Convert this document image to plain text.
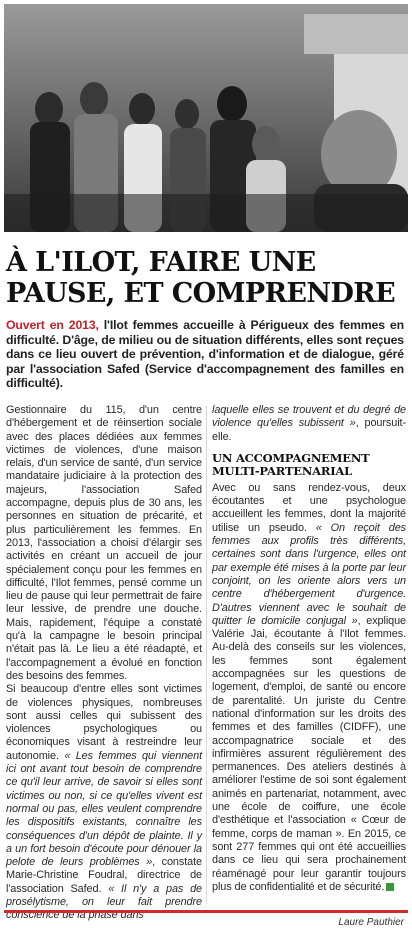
À L'ILOT, FAIRE UNE PAUSE, ET COMPRENDRE

Ouvert en 2013, l'Ilot femmes accueille à Périgueux des femmes en difficulté. D'âge, de milieu ou de situation différents, elles sont reçues dans ce lieu ouvert de prévention, d'information et de dialogue, géré par l'association Safed (Service d'accompagnement des familles en difficulté).

Gestionnaire du 115, d'un centre d'hébergement et de réinsertion sociale avec des places dédiées aux femmes victimes de violences, d'une maison relais, d'un service de santé, d'un service mandataire judiciaire à la protection des majeurs, l'association Safed accompagne, depuis plus de 30 ans, les personnes en situation de précarité, et plus particulièrement les femmes. En 2013, l'association a choisi d'élargir ses activités en créant un accueil de jour spécialement conçu pour les femmes en difficulté, l'Ilot femmes, pensé comme un lieu de pause qui leur permettrait de faire leur lessive, de prendre une douche. Mais, rapidement, l'équipe a constaté qu'à la campagne le besoin principal n'était pas là. Le lieu a été réadapté, et l'accompagnement a évolué en fonction des besoins des femmes.

Si beaucoup d'entre elles sont victimes de violences physiques, nombreuses sont aussi celles qui subissent des violences psychologiques ou économiques visant à restreindre leur autonomie. « Les femmes qui viennent ici ont avant tout besoin de comprendre ce qu'il leur arrive, de savoir si elles sont victimes ou non, si ce qu'elles vivent est normal ou pas, elles veulent comprendre les dispositifs existants, connaître les conséquences d'un dépôt de plainte. Il y a un fort besoin d'écoute pour dénouer la pelote de leurs problèmes », constate Marie-Christine Foudral, directrice de l'association Safed. « Il n'y a pas de prosélytisme, on leur fait prendre conscience de la phase dans

laquelle elles se trouvent et du degré de violence qu'elles subissent », poursuit-elle.

UN ACCOMPAGNEMENT MULTI-PARTENARIAL

Avec ou sans rendez-vous, deux écoutantes et une psychologue accueillent les femmes, dont la majorité utilise un pseudo. « On reçoit des femmes aux profils très différents, certaines sont dans l'urgence, elles ont par exemple été mises à la porte par leur conjoint, on les oriente alors vers un centre d'hébergement d'urgence. D'autres viennent avec le souhait de quitter le domicile conjugal », explique Valérie Jai, écoutante à l'Ilot femmes. Au-delà des conseils sur les violences, les femmes sont également accompagnées sur les questions de logement, d'emploi, de santé ou encore de parentalité. Un juriste du Centre national d'information sur les droits des femmes et des familles (CIDFF), une accompagnatrice sociale et des infirmières assurent régulièrement des permanences. Des ateliers destinés à améliorer l'estime de soi sont également animés en partenariat, notamment, avec une école de coiffure, une école d'esthétique et l'association « Cœur de femme, corps de maman ». En 2015, ce sont 277 femmes qui ont été accueillies dans ce lieu qui sera prochainement réaménagé pour leur garantir toujours plus de confidentialité et de sécurité.

Laure Pauthier
